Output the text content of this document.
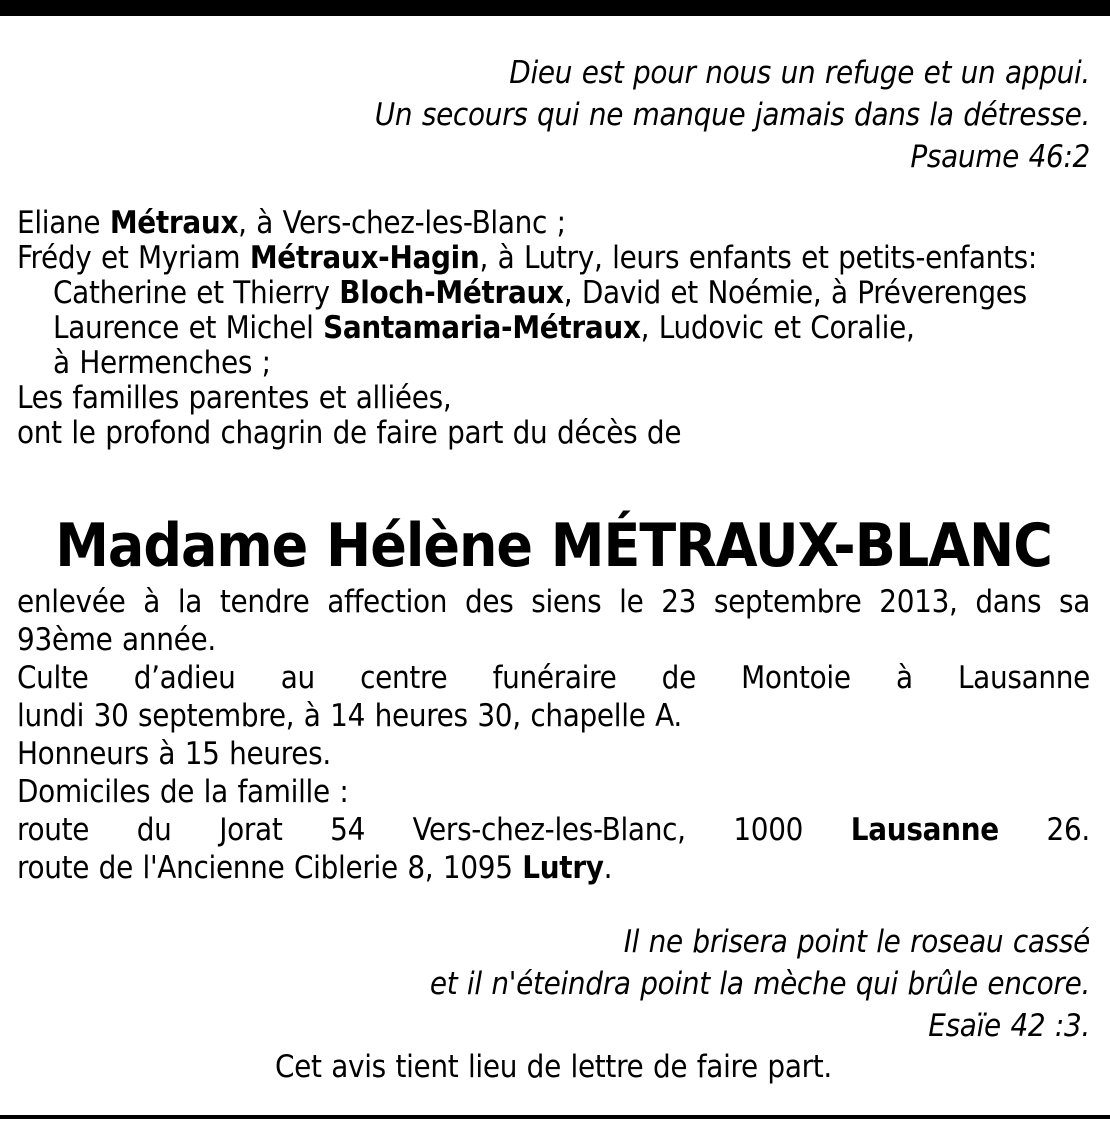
Dieu est pour nous un refuge et un appui.
Un secours qui ne manque jamais dans la détresse.
Psaume 46:2
Eliane Métraux, à Vers-chez-les-Blanc ;
Frédy et Myriam Métraux-Hagin, à Lutry, leurs enfants et petits-enfants:
Catherine et Thierry Bloch-Métraux, David et Noémie, à Préverenges
Laurence et Michel Santamaria-Métraux, Ludovic et Coralie,
à Hermenches ;
Les familles parentes et alliées,
ont le profond chagrin de faire part du décès de
Madame Hélène MÉTRAUX-BLANC
enlevée à la tendre affection des siens le 23 septembre 2013, dans sa
93ème année.
Culte d’adieu au centre funéraire de Montoie à Lausanne
lundi 30 septembre, à 14 heures 30, chapelle A.
Honneurs à 15 heures.
Domiciles de la famille :
route du Jorat 54 Vers-chez-les-Blanc, 1000 Lausanne 26.
route de l'Ancienne Ciblerie 8, 1095 Lutry.
Il ne brisera point le roseau cassé
et il n'éteindra point la mèche qui brûle encore.
Esaïe 42 :3.
Cet avis tient lieu de lettre de faire part.
